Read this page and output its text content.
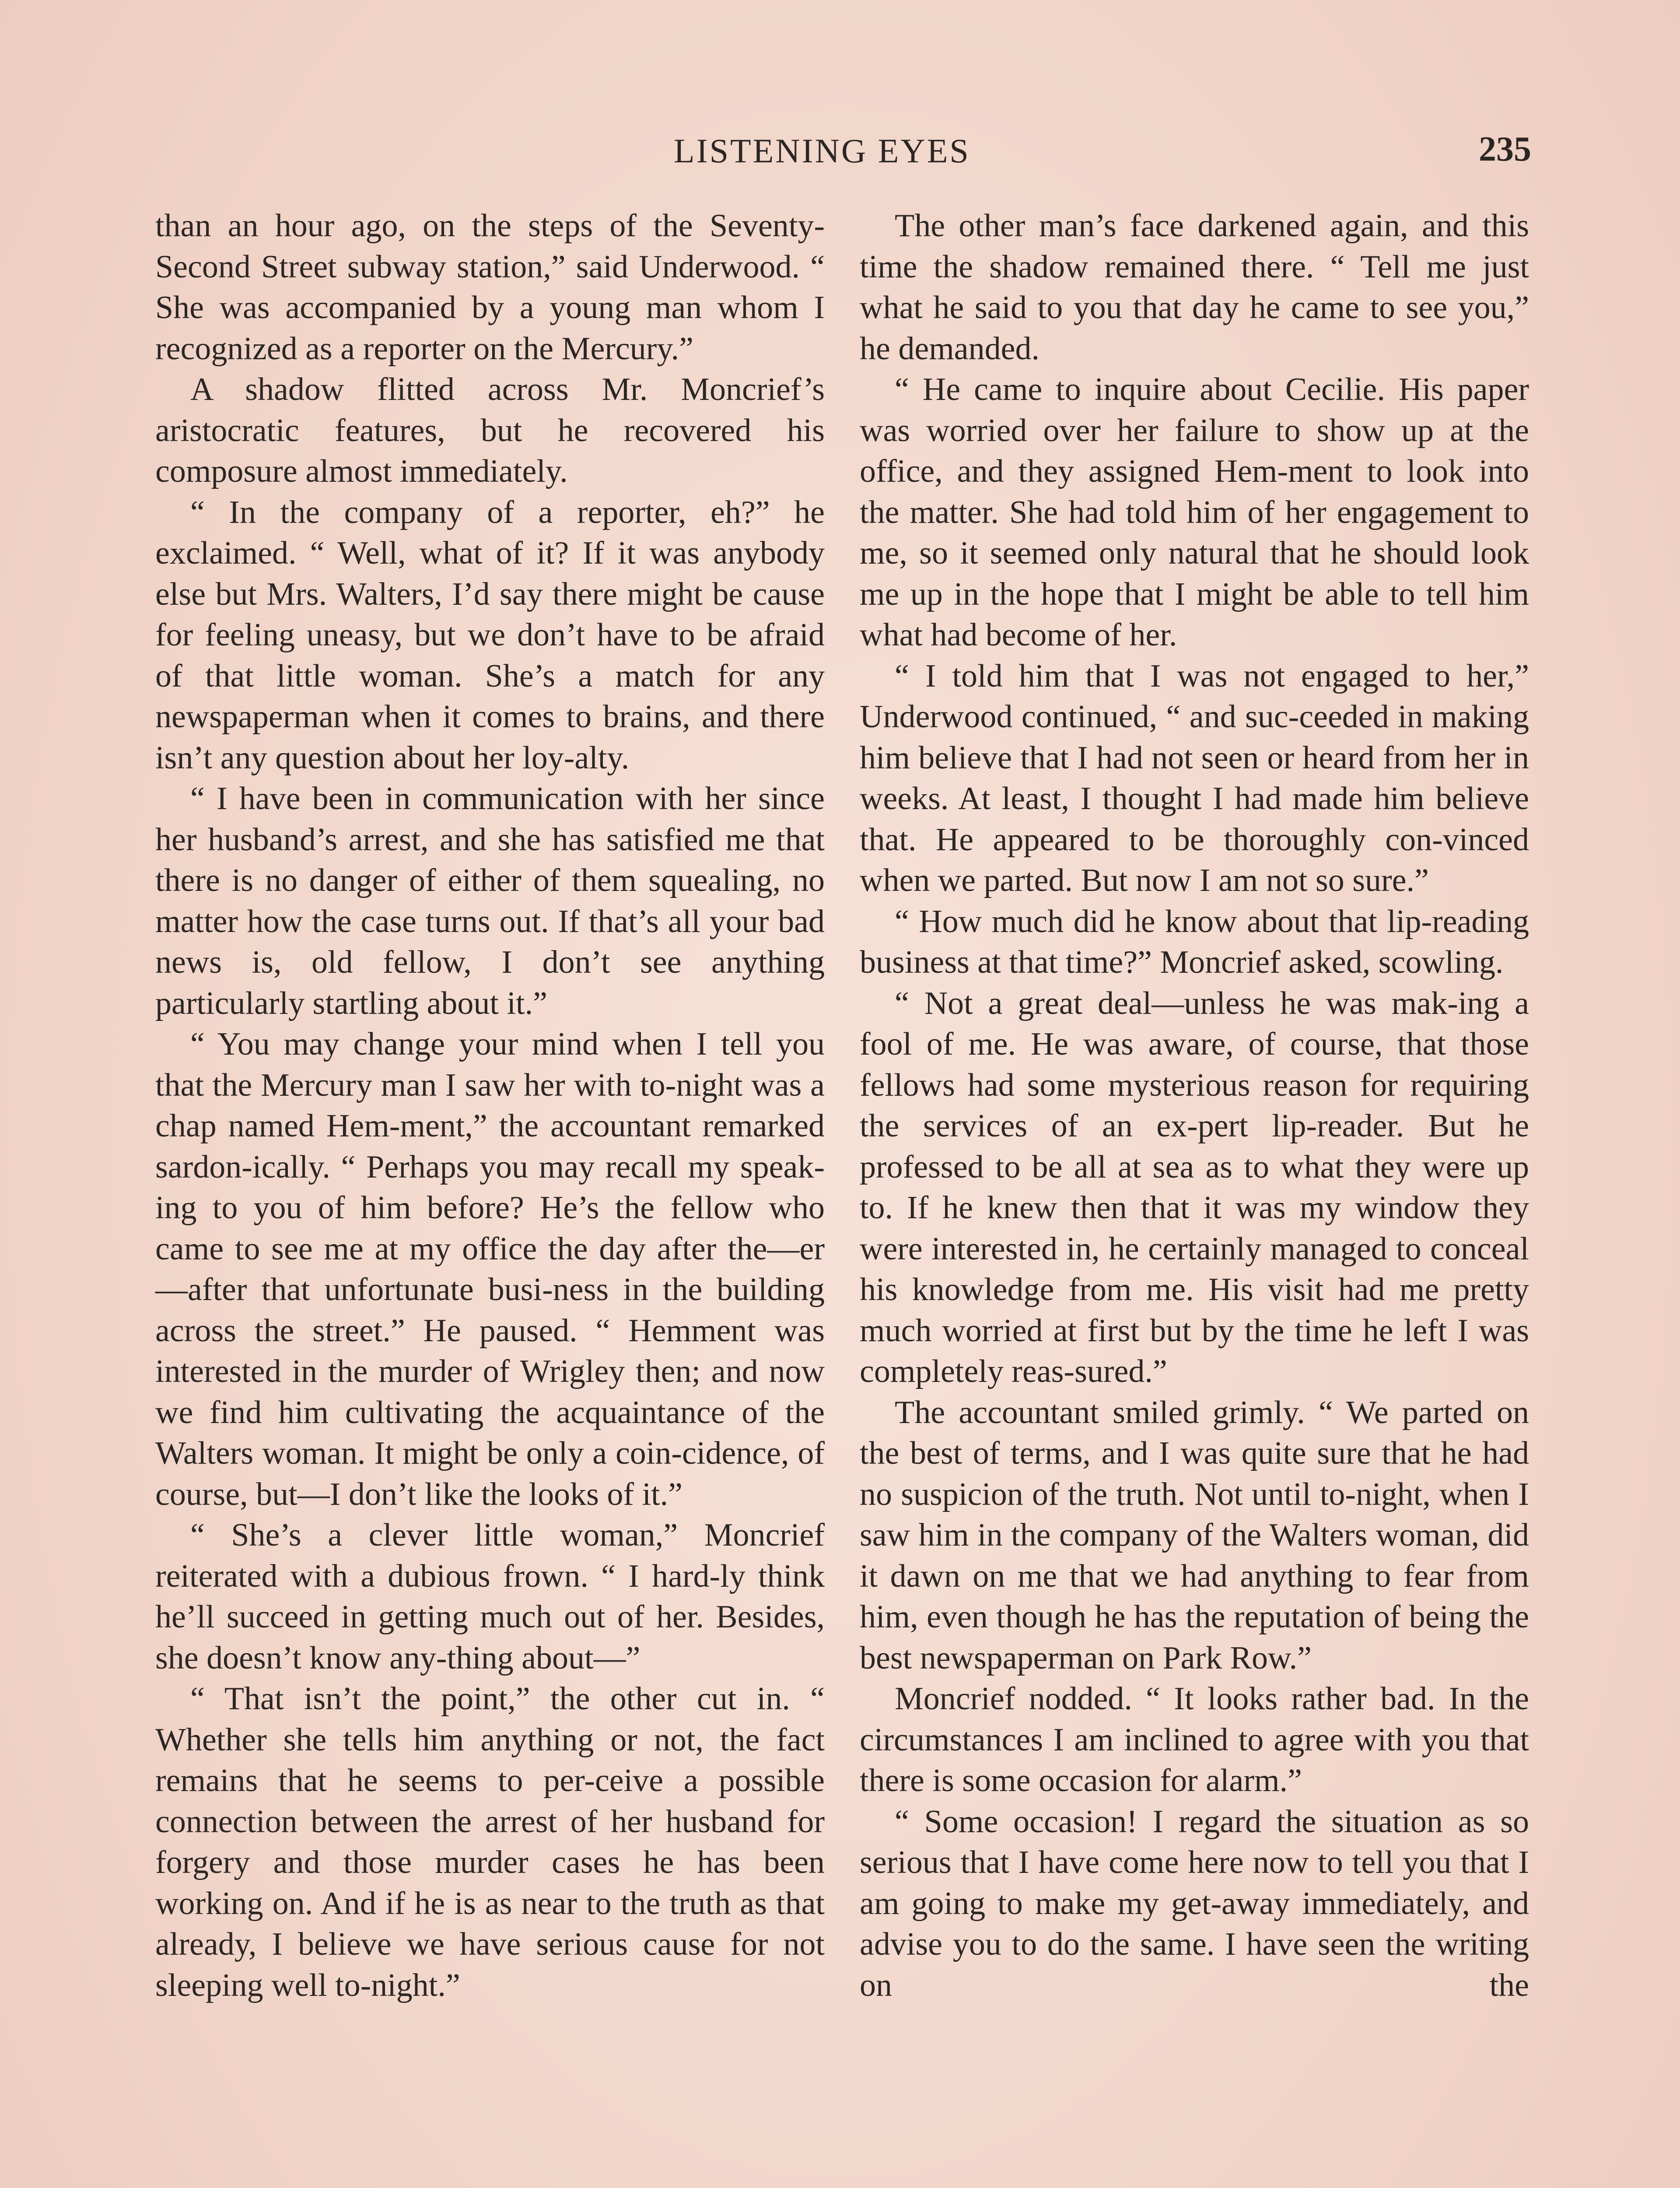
LISTENING EYES	235

than an hour ago, on the steps of the Seventy-Second Street subway station,” said Underwood. “ She was accompanied by a young man whom I recognized as a reporter on the Mercury.”

A shadow flitted across Mr. Moncrief’s aristocratic features, but he recovered his composure almost immediately.

“ In the company of a reporter, eh?” he exclaimed. “ Well, what of it? If it was anybody else but Mrs. Walters, I’d say there might be cause for feeling uneasy, but we don’t have to be afraid of that little woman. She’s a match for any newspaperman when it comes to brains, and there isn’t any question about her loy-alty.

“ I have been in communication with her since her husband’s arrest, and she has satisfied me that there is no danger of either of them squealing, no matter how the case turns out. If that’s all your bad news is, old fellow, I don’t see anything particularly startling about it.”

“ You may change your mind when I tell you that the Mercury man I saw her with to-night was a chap named Hem-ment,” the accountant remarked sardon-ically. “ Perhaps you may recall my speak-ing to you of him before? He’s the fellow who came to see me at my office the day after the—er—after that unfortunate busi-ness in the building across the street.” He paused. “ Hemment was interested in the murder of Wrigley then; and now we find him cultivating the acquaintance of the Walters woman. It might be only a coin-cidence, of course, but—I don’t like the looks of it.”

“ She’s a clever little woman,” Moncrief reiterated with a dubious frown. “ I hard-ly think he’ll succeed in getting much out of her. Besides, she doesn’t know any-thing about—”

“ That isn’t the point,” the other cut in. “ Whether she tells him anything or not, the fact remains that he seems to per-ceive a possible connection between the arrest of her husband for forgery and those murder cases he has been working on. And if he is as near to the truth as that already, I believe we have serious cause for not sleeping well to-night.”

The other man’s face darkened again, and this time the shadow remained there. “ Tell me just what he said to you that day he came to see you,” he demanded.

“ He came to inquire about Cecilie. His paper was worried over her failure to show up at the office, and they assigned Hem-ment to look into the matter. She had told him of her engagement to me, so it seemed only natural that he should look me up in the hope that I might be able to tell him what had become of her.

“ I told him that I was not engaged to her,” Underwood continued, “ and suc-ceeded in making him believe that I had not seen or heard from her in weeks. At least, I thought I had made him believe that. He appeared to be thoroughly con-vinced when we parted. But now I am not so sure.”

“ How much did he know about that lip-reading business at that time?” Moncrief asked, scowling.

“ Not a great deal—unless he was mak-ing a fool of me. He was aware, of course, that those fellows had some mysterious reason for requiring the services of an ex-pert lip-reader. But he professed to be all at sea as to what they were up to. If he knew then that it was my window they were interested in, he certainly managed to conceal his knowledge from me. His visit had me pretty much worried at first but by the time he left I was completely reas-sured.”

The accountant smiled grimly. “ We parted on the best of terms, and I was quite sure that he had no suspicion of the truth. Not until to-night, when I saw him in the company of the Walters woman, did it dawn on me that we had anything to fear from him, even though he has the reputation of being the best newspaperman on Park Row.”

Moncrief nodded. “ It looks rather bad. In the circumstances I am inclined to agree with you that there is some occasion for alarm.”

“ Some occasion! I regard the situation as so serious that I have come here now to tell you that I am going to make my get-away immediately, and advise you to do the same. I have seen the writing on the
